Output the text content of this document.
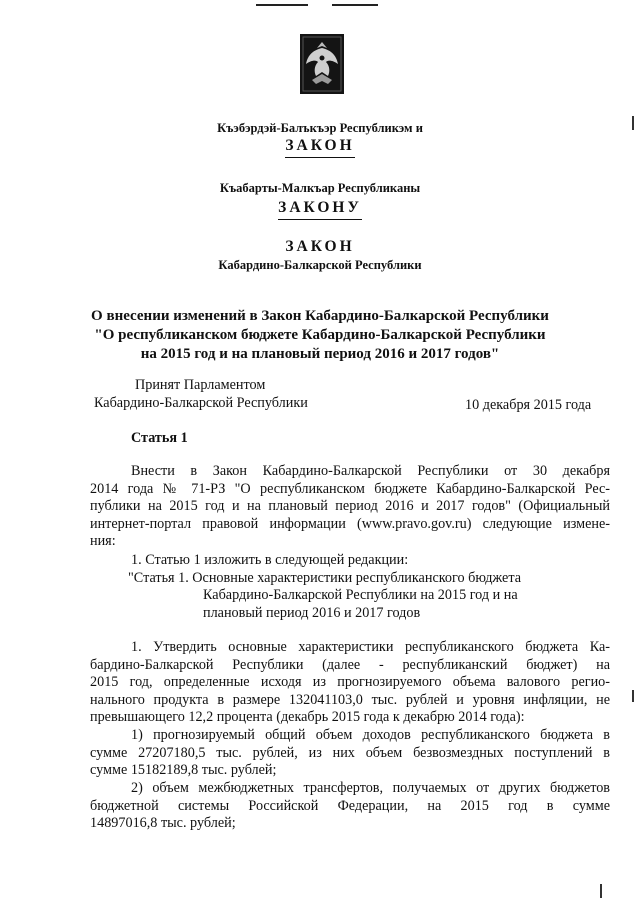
Къэбэрдэй-Балъкъэр Республикэм и
ЗАКОН
Къабарты-Малкъар Республиканы
ЗАКОНУ
ЗАКОН
Кабардино-Балкарской Республики
О внесении изменений в Закон Кабардино-Балкарской Республики
"О республиканском бюджете Кабардино-Балкарской Республики
на 2015 год и на плановый период 2016 и 2017 годов"
Принят Парламентом
Кабардино-Балкарской Республики	10 декабря 2015 года
Статья 1
Внести в Закон Кабардино-Балкарской Республики от 30 декабря
2014 года № 71-РЗ "О республиканском бюджете Кабардино-Балкарской Рес-
публики на 2015 год и на плановый период 2016 и 2017 годов" (Официальный
интернет-портал правовой информации (www.pravo.gov.ru) следующие измене-
ния:
1. Статью 1 изложить в следующей редакции:
"Статья 1. Основные характеристики республиканского бюджета
Кабардино-Балкарской Республики на 2015 год и на
плановый период 2016 и 2017 годов
1. Утвердить основные характеристики республиканского бюджета Ка-
бардино-Балкарской Республики (далее - республиканский бюджет) на
2015 год, определенные исходя из прогнозируемого объема валового регио-
нального продукта в размере 132041103,0 тыс. рублей и уровня инфляции, не
превышающего 12,2 процента (декабрь 2015 года к декабрю 2014 года):
1) прогнозируемый общий объем доходов республиканского бюджета в
сумме 27207180,5 тыс. рублей, из них объем безвозмездных поступлений в
сумме 15182189,8 тыс. рублей;
2) объем межбюджетных трансфертов, получаемых от других бюджетов
бюджетной системы Российской Федерации, на 2015 год в сумме
14897016,8 тыс. рублей;
